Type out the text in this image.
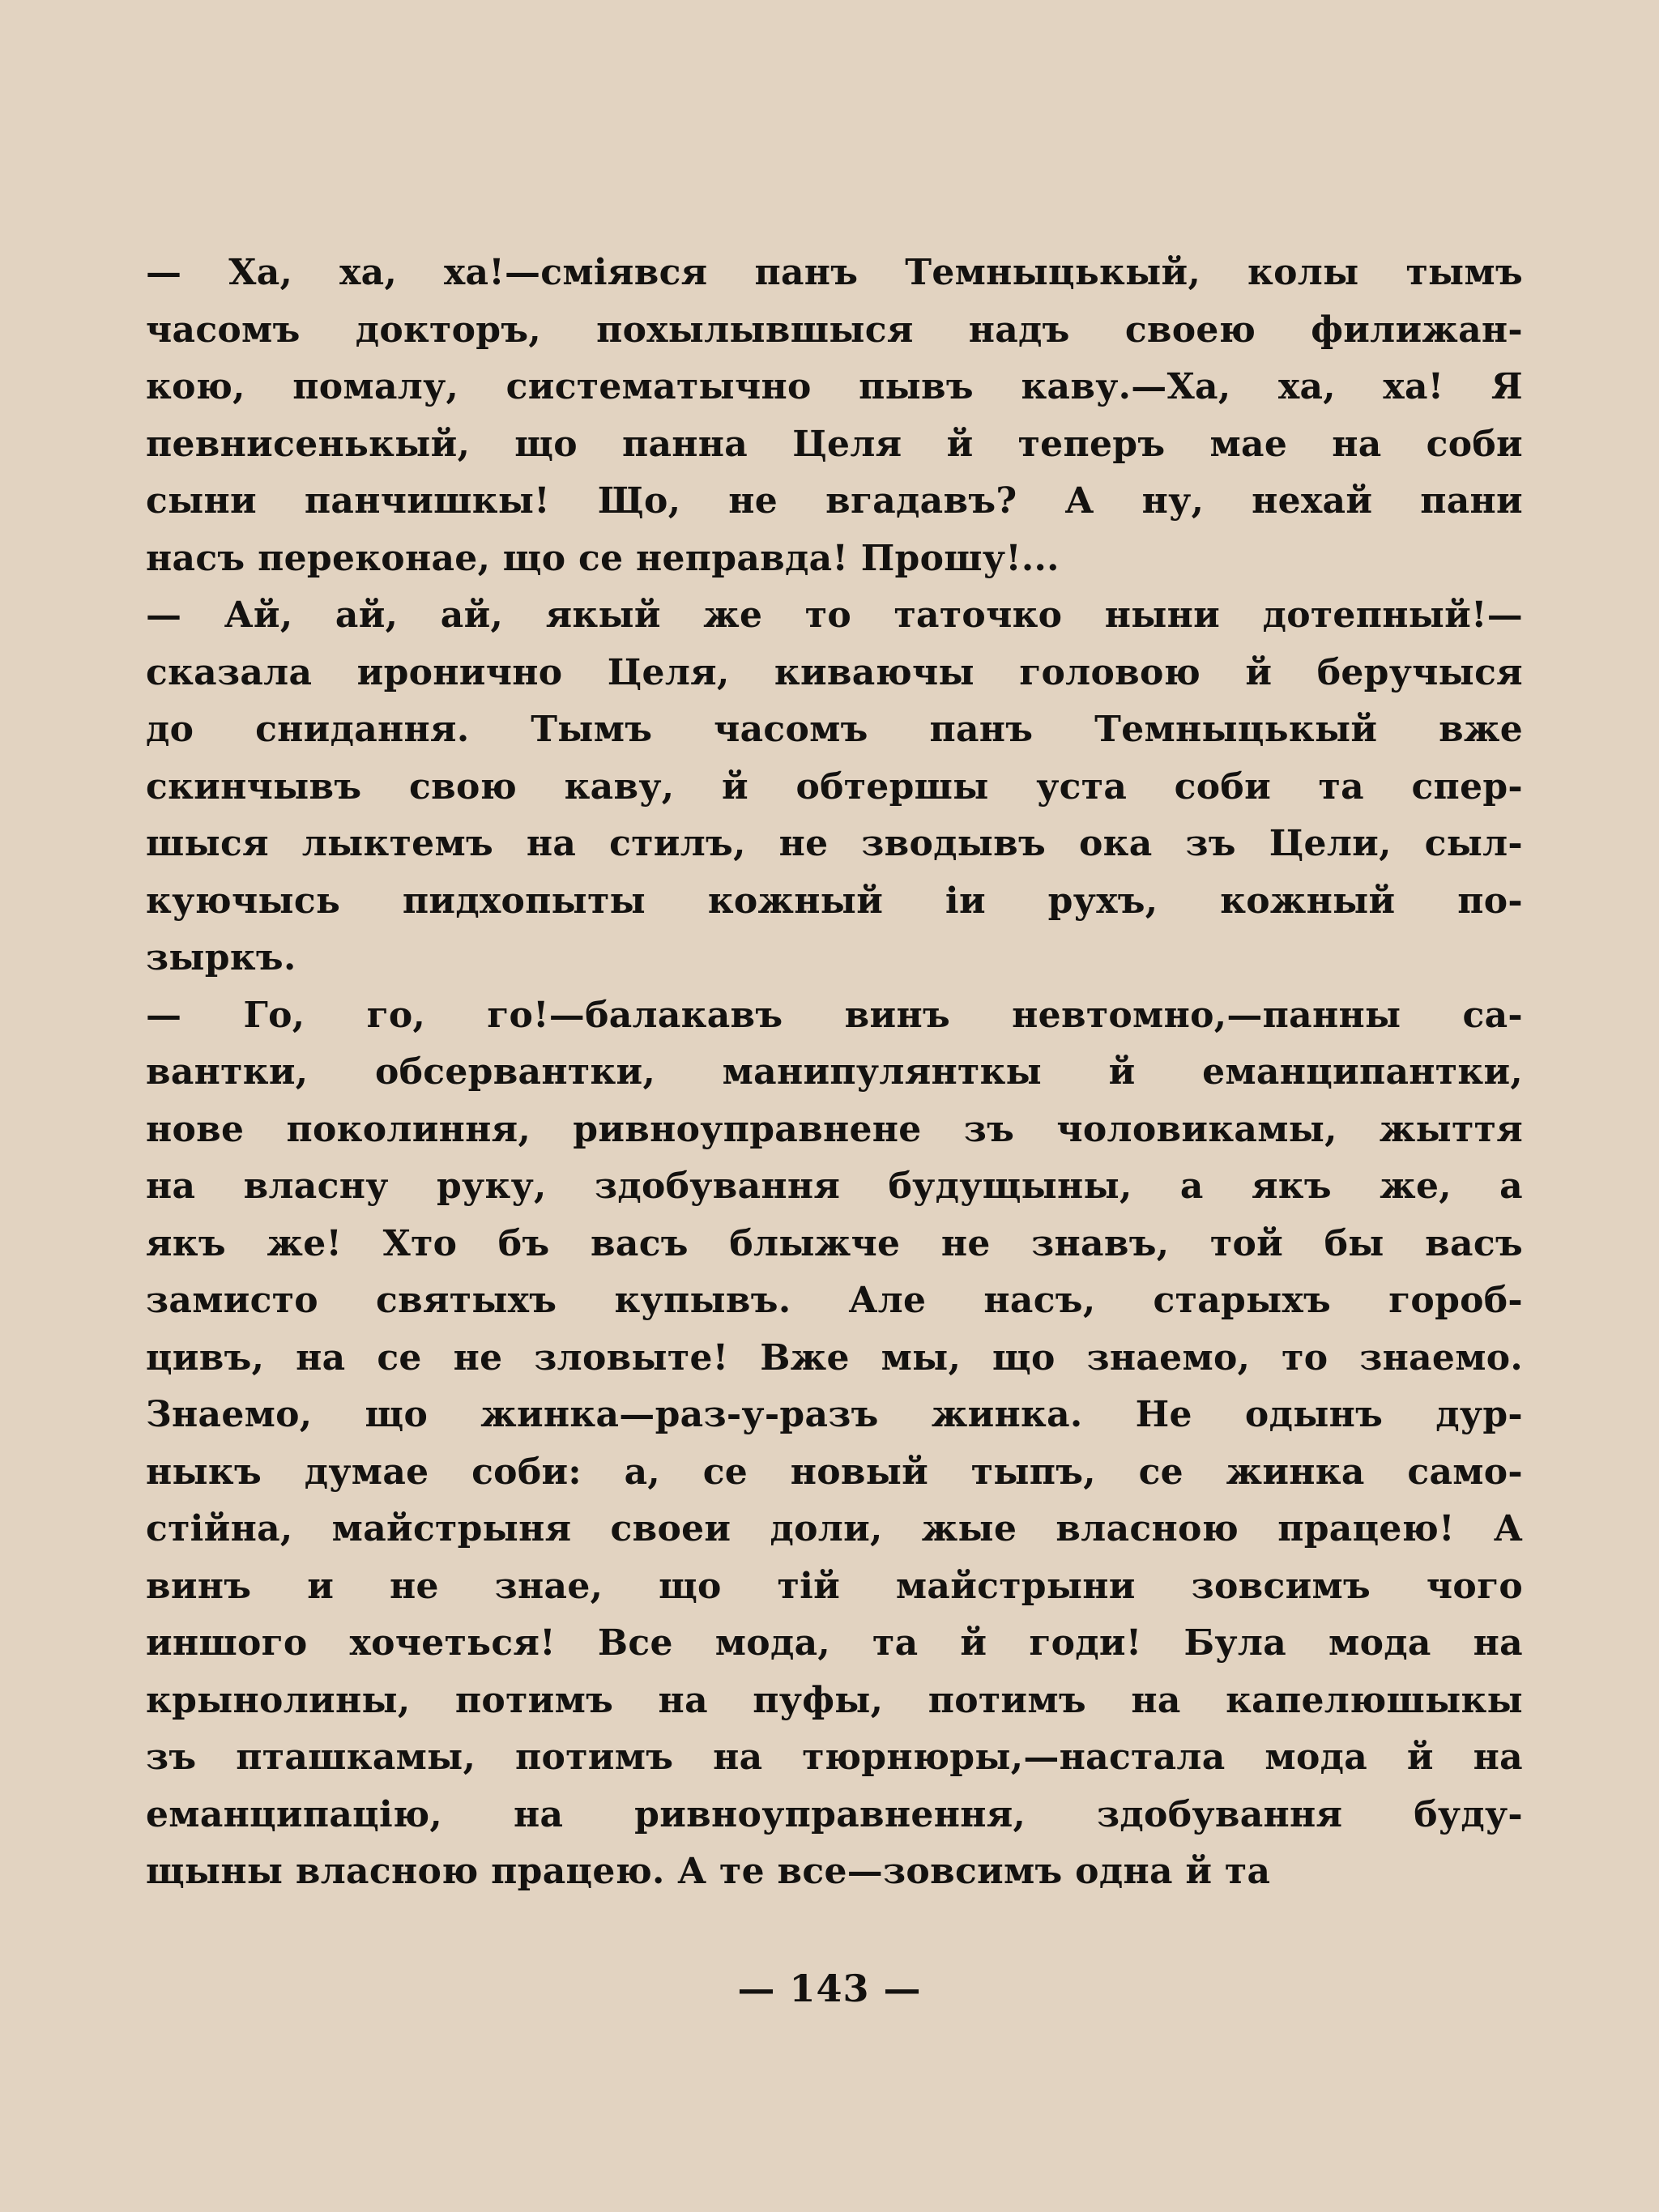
— Ха, ха, ха!—смiявся панъ Темныцькый, колы тымъ
часомъ докторъ, похылывшыся надъ своею филижан-
кою, помалу, систематычно пывъ каву.—Ха, ха, ха! Я
певнисенькый, що панна Целя й теперъ мае на соби
сыни панчишкы! Що, не вгадавъ? А ну, нехай пани
насъ переконае, що се неправда! Прошу!...
— Ай, ай, ай, якый же то таточко ныни дотепный!—
сказала иронично Целя, киваючы головою й беручыся
до снидання. Тымъ часомъ панъ Темныцькый вже
скинчывъ свою каву, й обтершы уста соби та спер-
шыся лыктемъ на стилъ, не зводывъ ока зъ Цели, сыл-
куючысь пидхопыты кожный iи рухъ, кожный по-
зыркъ.
— Го, го, го!—балакавъ винъ невтомно,—панны са-
вантки, обсервантки, манипулянткы й еманципантки,
нове поколиння, ривноуправнене зъ чоловикамы, жыття
на власну руку, здобування будущыны, а якъ же, а
якъ же! Хто бъ васъ блыжче не знавъ, той бы васъ
замисто святыхъ купывъ. Але насъ, старыхъ гороб-
цивъ, на се не зловыте! Вже мы, що знаемо, то знаемо.
Знаемо, що жинка—раз-у-разъ жинка. Не одынъ дур-
ныкъ думае соби: а, се новый тыпъ, се жинка само-
стiйна, майстрыня своеи доли, жые власною працею! А
винъ и не знае, що тiй майстрыни зовсимъ чого
иншого хочеться! Все мода, та й годи! Була мода на
крынолины, потимъ на пуфы, потимъ на капелюшыкы
зъ пташкамы, потимъ на тюрнюры,—настала мода й на
еманципацiю, на ривноуправнення, здобування буду-
щыны власною працею. А те все—зовсимъ одна й та
— 143 —
